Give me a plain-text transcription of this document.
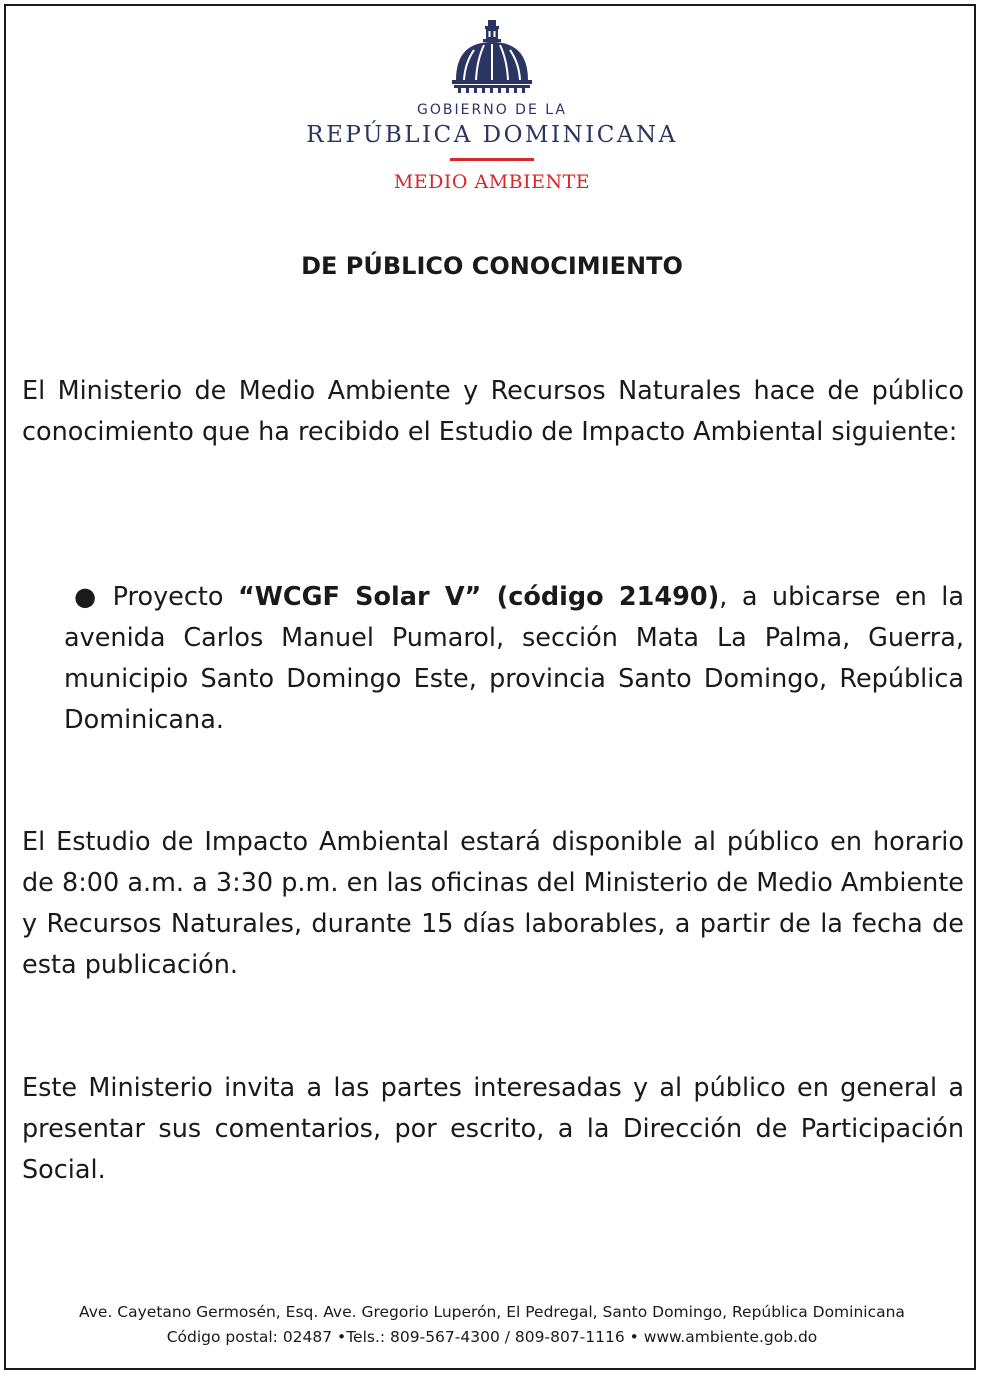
GOBIERNO DE LA
REPÚBLICA DOMINICANA
MEDIO AMBIENTE
DE PÚBLICO CONOCIMIENTO
El Ministerio de Medio Ambiente y Recursos Naturales hace de público conocimiento que ha recibido el Estudio de Impacto Ambiental siguiente:
● Proyecto “WCGF Solar V” (código 21490), a ubicarse en la avenida Carlos Manuel Pumarol, sección Mata La Palma, Guerra, municipio Santo Domingo Este, provincia Santo Domingo, República Dominicana.
El Estudio de Impacto Ambiental estará disponible al público en horario de 8:00 a.m. a 3:30 p.m. en las oficinas del Ministerio de Medio Ambiente y Recursos Naturales, durante 15 días laborables, a partir de la fecha de esta publicación.
Este Ministerio invita a las partes interesadas y al público en general a presentar sus comentarios, por escrito, a la Dirección de Participación Social.
Ave. Cayetano Germosén, Esq. Ave. Gregorio Luperón, El Pedregal, Santo Domingo, República Dominicana
Código postal: 02487 •Tels.: 809-567-4300 / 809-807-1116 • www.ambiente.gob.do
